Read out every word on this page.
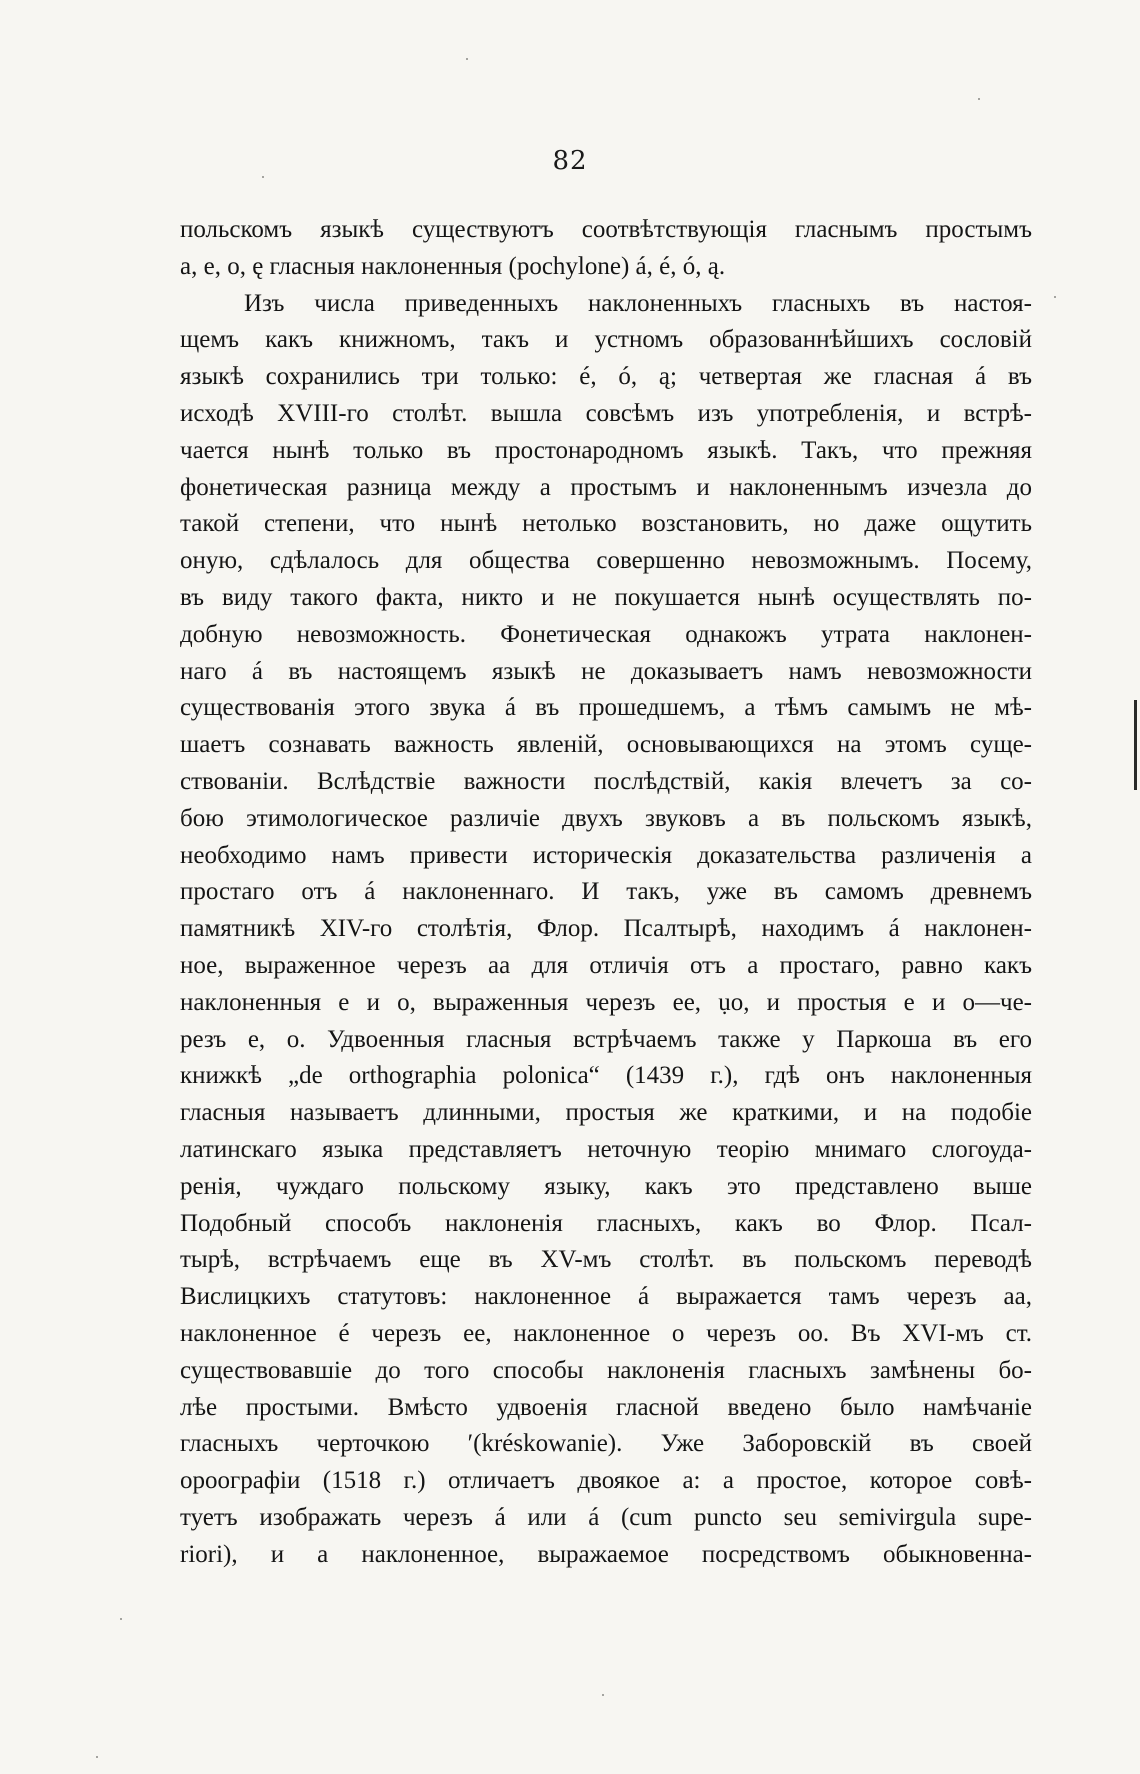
82
польскомъ языкѣ существуютъ соотвѣтствующія гласнымъ простымъ
a, e, o, ę гласныя наклоненныя (pochylone) á, é, ó, ą.
Изъ числа приведенныхъ наклоненныхъ гласныхъ въ настоя-
щемъ какъ книжномъ, такъ и устномъ образованнѣйшихъ сословій
языкѣ сохранились три только: é, ó, ą; четвертая же гласная á въ
исходѣ XVIII-го столѣт. вышла совсѣмъ изъ употребленія, и встрѣ-
чается нынѣ только въ простонародномъ языкѣ. Такъ, что прежняя
фонетическая разница между a простымъ и наклоненнымъ изчезла до
такой степени, что нынѣ нетолько возстановить, но даже ощутить
оную, сдѣлалось для общества совершенно невозможнымъ. Посему,
въ виду такого факта, никто и не покушается нынѣ осуществлять по-
добную невозможность. Фонетическая однакожъ утрата наклонен-
наго á въ настоящемъ языкѣ не доказываетъ намъ невозможности
существованія этого звука á въ прошедшемъ, а тѣмъ самымъ не мѣ-
шаетъ сознавать важность явленій, основывающихся на этомъ суще-
ствованіи. Вслѣдствіе важности послѣдствій, какія влечетъ за со-
бою этимологическое различіе двухъ звуковъ a въ польскомъ языкѣ,
необходимо намъ привести историческія доказательства различенія a
простаго отъ á наклоненнаго. И такъ, уже въ самомъ древнемъ
памятникѣ XIV-го столѣтія, Флор. Псалтырѣ, находимъ á наклонен-
ное, выраженное черезъ aa для отличія отъ a простаго, равно какъ
наклоненныя e и o, выраженныя черезъ ee, ụo, и простыя e и o—че-
резъ e, o. Удвоенныя гласныя встрѣчаемъ также у Паркоша въ его
книжкѣ „de orthographia polonica“ (1439 г.), гдѣ онъ наклоненныя
гласныя называетъ длинными, простыя же краткими, и на подобіе
латинскаго языка представляетъ неточную теорію мнимаго слогоуда-
ренія, чуждаго польскому языку, какъ это представлено выше
Подобный способъ наклоненія гласныхъ, какъ во Флор. Псал-
тырѣ, встрѣчаемъ еще въ XV-мъ столѣт. въ польскомъ переводѣ
Вислицкихъ статутовъ: наклоненное á выражается тамъ черезъ aa,
наклоненное é черезъ ee, наклоненное o черезъ oo. Въ XVI-мъ ст.
существовавшіе до того способы наклоненія гласныхъ замѣнены бо-
лѣе простыми. Вмѣсто удвоенія гласной введено было намѣчаніе
гласныхъ черточкою ′(kréskowanie). Уже Заборовскій въ своей
ороографіи (1518 г.) отличаетъ двоякое a: a простое, которое совѣ-
туетъ изображать черезъ á или á (cum puncto seu semivirgula supe-
riori), и a наклоненное, выражаемое посредствомъ обыкновенна-
